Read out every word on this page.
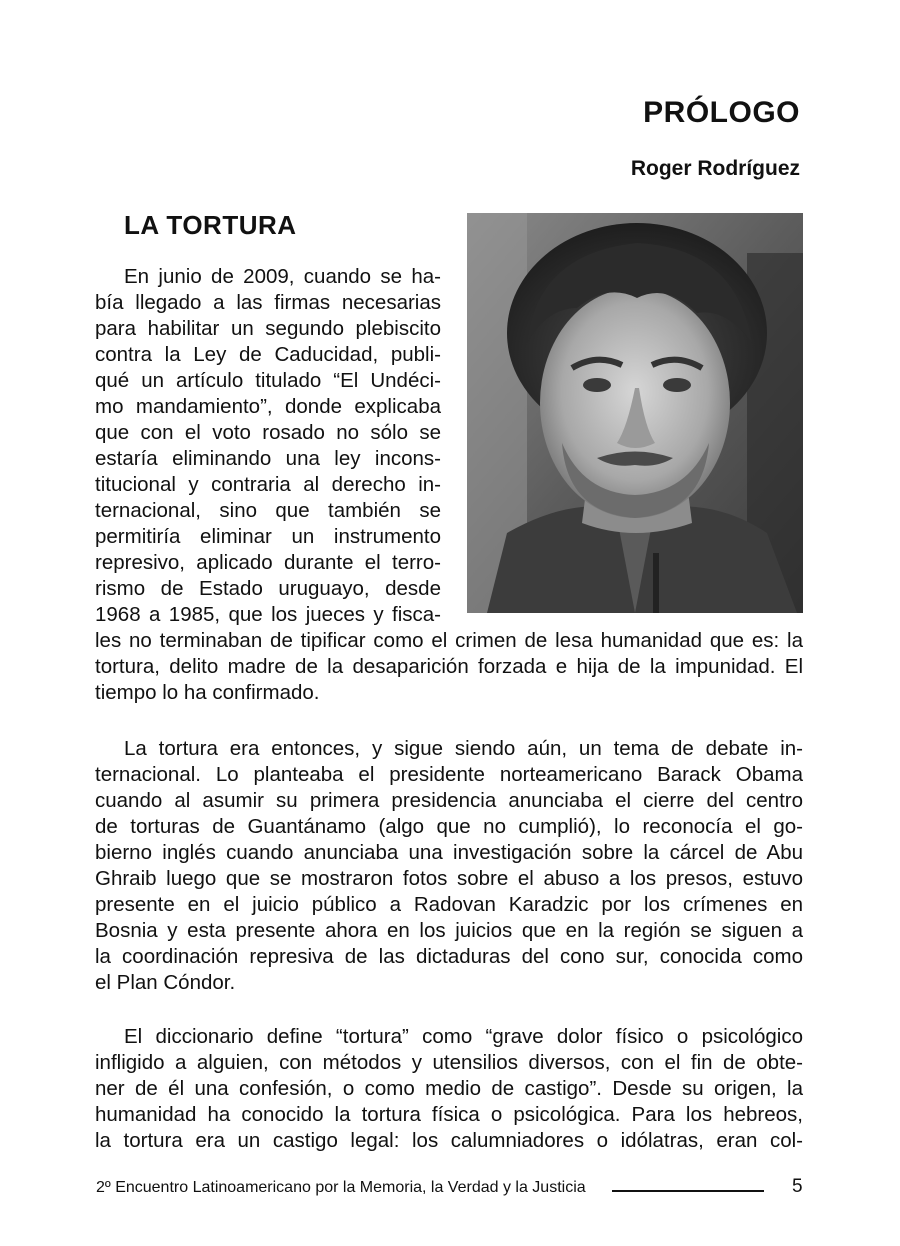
PRÓLOGO
Roger Rodríguez
LA TORTURA
En junio de 2009, cuando se ha-
bía llegado a las firmas necesarias
para habilitar un segundo plebiscito
contra la Ley de Caducidad, publi-
qué un artículo titulado “El Undéci-
mo mandamiento”, donde explicaba
que con el voto rosado no sólo se
estaría eliminando una ley incons-
titucional y contraria al derecho in-
ternacional, sino que también se
permitiría eliminar un instrumento
represivo, aplicado durante el terro-
rismo de Estado uruguayo, desde
1968 a 1985, que los jueces y fisca-
les no terminaban de tipificar como el crimen de lesa humanidad que es: la
tortura, delito madre de la desaparición forzada e hija de la impunidad. El
tiempo lo ha confirmado.
La tortura era entonces, y sigue siendo aún, un tema de debate in-
ternacional. Lo planteaba el presidente norteamericano Barack Obama
cuando al asumir su primera presidencia anunciaba el cierre del centro
de torturas de Guantánamo (algo que no cumplió), lo reconocía el go-
bierno inglés cuando anunciaba una investigación sobre la cárcel de Abu
Ghraib luego que se mostraron fotos sobre el abuso a los presos, estuvo
presente en el juicio público a Radovan Karadzic por los crímenes en
Bosnia y esta presente ahora en los juicios que en la región se siguen a
la coordinación represiva de las dictaduras del cono sur, conocida como
el Plan Cóndor.
El diccionario define “tortura” como “grave dolor físico o psicológico
infligido a alguien, con métodos y utensilios diversos, con el fin de obte-
ner de él una confesión, o como medio de castigo”. Desde su origen, la
humanidad ha conocido la tortura física o psicológica. Para los hebreos,
la tortura era un castigo legal: los calumniadores o idólatras, eran col-
2º Encuentro Latinoamericano por la Memoria, la Verdad y la Justicia	5
